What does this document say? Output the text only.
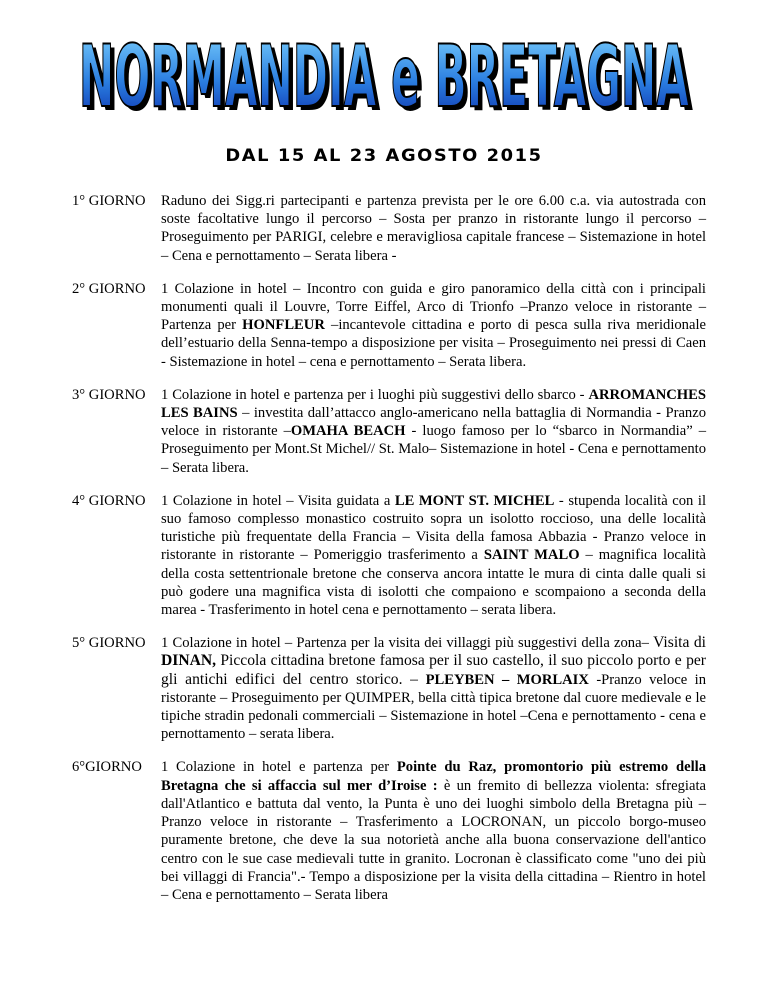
NORMANDIA e BRETAGNA
NORMANDIA e BRETAGNA
DAL 15 AL 23 AGOSTO 2015
1° GIORNO	Raduno dei Sigg.ri partecipanti e partenza prevista per le ore 6.00 c.a. via autostrada con soste facoltative lungo il percorso – Sosta per pranzo in ristorante lungo il percorso – Proseguimento per PARIGI, celebre e meravigliosa capitale francese – Sistemazione in hotel – Cena e pernottamento – Serata libera -
2° GIORNO	1 Colazione in hotel – Incontro con guida e giro panoramico della città con i principali monumenti quali il Louvre, Torre Eiffel, Arco di Trionfo –Pranzo veloce in ristorante – Partenza per HONFLEUR –incantevole cittadina e porto di pesca sulla riva meridionale dell’estuario della Senna-tempo a disposizione per visita – Proseguimento nei pressi di Caen - Sistemazione in hotel – cena e pernottamento – Serata libera.
3° GIORNO	1 Colazione in hotel e partenza per i luoghi più suggestivi dello sbarco - ARROMANCHES LES BAINS – investita dall’attacco anglo-americano nella battaglia di Normandia - Pranzo veloce in ristorante –OMAHA BEACH - luogo famoso per lo “sbarco in Normandia” – Proseguimento per Mont.St Michel// St. Malo– Sistemazione in hotel - Cena e pernottamento – Serata libera.
4° GIORNO	1 Colazione in hotel – Visita guidata a LE MONT ST. MICHEL - stupenda località con il suo famoso complesso monastico costruito sopra un isolotto roccioso, una delle località turistiche più frequentate della Francia – Visita della famosa Abbazia - Pranzo veloce in ristorante in ristorante – Pomeriggio trasferimento a SAINT MALO – magnifica località della costa settentrionale bretone che conserva ancora intatte le mura di cinta dalle quali si può godere una magnifica vista di isolotti che compaiono e scompaiono a seconda della marea - Trasferimento in hotel cena e pernottamento – serata libera.
5° GIORNO	1 Colazione in hotel – Partenza per la visita dei villaggi più suggestivi della zona– Visita di DINAN, Piccola cittadina bretone famosa per il suo castello, il suo piccolo porto e per gli antichi edifici del centro storico. – PLEYBEN – MORLAIX -Pranzo veloce in ristorante – Proseguimento per QUIMPER, bella città tipica bretone dal cuore medievale e le tipiche stradin pedonali commerciali – Sistemazione in hotel –Cena e pernottamento - cena e pernottamento – serata libera.
6°GIORNO	1 Colazione in hotel e partenza per Pointe du Raz, promontorio più estremo della Bretagna che si affaccia sul mer d’Iroise : è un fremito di bellezza violenta: sfregiata dall'Atlantico e battuta dal vento, la Punta è uno dei luoghi simbolo della Bretagna più – Pranzo veloce in ristorante – Trasferimento a LOCRONAN, un piccolo borgo-museo puramente bretone, che deve la sua notorietà anche alla buona conservazione dell'antico centro con le sue case medievali tutte in granito. Locronan è classificato come "uno dei più bei villaggi di Francia".- Tempo a disposizione per la visita della cittadina – Rientro in hotel – Cena e pernottamento – Serata libera
